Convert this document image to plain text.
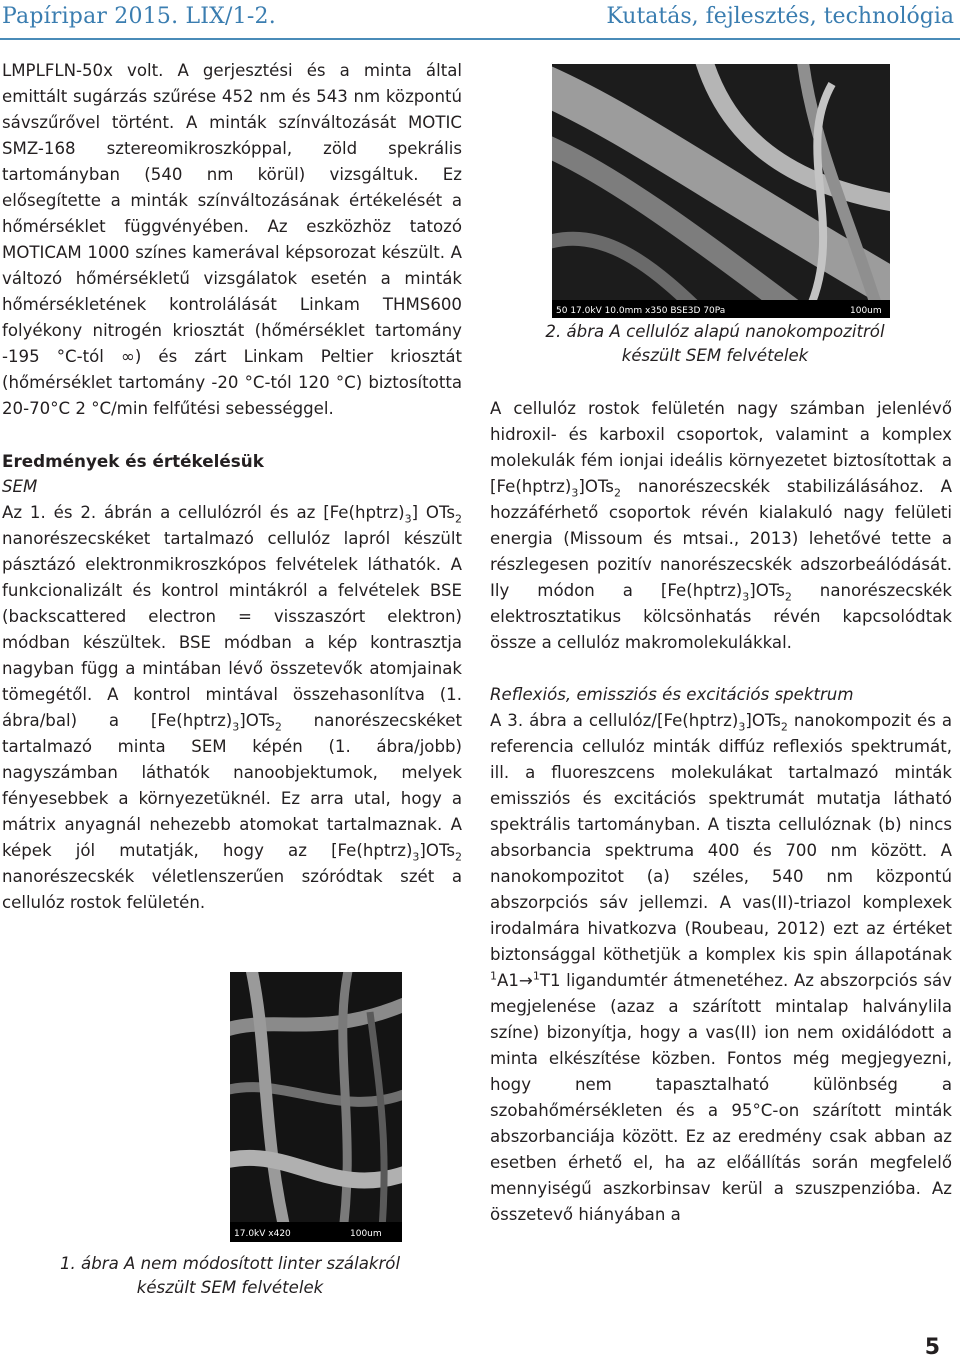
Papíripar 2015. LIX/1-2.	Kutatás, fejlesztés, technológia

LMPLFLN-50x volt. A gerjesztési és a minta által emittált sugárzás szűrése 452 nm és 543 nm központú sávszűrővel történt. A minták színváltozását MOTIC SMZ-168 sztereomikroszkóppal, zöld spekrális tartományban (540 nm körül) vizsgáltuk. Ez elősegítette a minták színváltozásának értékelését a hőmérséklet függvényében. Az eszközhöz tatozó MOTICAM 1000 színes kamerával képsorozat készült. A változó hőmérsékletű vizsgálatok esetén a minták hőmérsékletének kontrolálását Linkam THMS600 folyékony nitrogén kriosztát (hőmérséklet tartomány -195 °C-tól ∞) és zárt Linkam Peltier kriosztát (hőmérséklet tartomány -20 °C-tól 120 °C) biztosította 20-70°C 2 °C/min felfűtési sebességgel.

Eredmények és értékelésük
SEM

Az 1. és 2. ábrán a cellulózról és az $[Fe(hptrz)_3]$ OTs$_2$ nanorészecskéket tartalmazó cellulóz lapról készült pásztázó elektronmikroszkópos felvételek láthatók. A funkcionalizált és kontrol mintákról a felvételek BSE (backscattered electron = visszaszórt elektron) módban készültek. BSE módban a kép kontrasztja nagyban függ a mintában lévő összetevők atomjainak tömegétől. A kontrol mintával összehasonlítva (1. ábra/bal) a $[Fe(hptrz)_3]OTs_2$ nanorészecskéket tartalmazó minta SEM képén (1. ábra/jobb) nagyszámban láthatók nanoobjektumok, melyek fényesebbek a környezetüknél. Ez arra utal, hogy a mátrix anyagnál nehezebb atomokat tartalmaznak. A képek jól mutatják, hogy az $[Fe(hptrz)_3]OTs_2$ nanorészecskék véletlenszerűen szóródtak szét a cellulóz rostok felületén.

17.0kV x420	100um
1. ábra A nem módosított linter szálakról
készült SEM felvételek
50 17.0kV 10.0mm x350 BSE3D 70Pa	100um
2. ábra A cellulóz alapú nanokompozitról
készült SEM felvételek

A cellulóz rostok felületén nagy számban jelenlévő hidroxil- és karboxil csoportok, valamint a komplex molekulák fém ionjai ideális környezetet biztosítottak a $[Fe(hptrz)_3]OTs_2$ nanorészecskék stabilizálásához. A hozzáférhető csoportok révén kialakuló nagy felületi energia (Missoum és mtsai., 2013) lehetővé tette a részlegesen pozitív nanorészecskék adszorbeálódását. Ily módon a $[Fe(hptrz)_3]OTs_2$ nanorészecskék elektrosztatikus kölcsönhatás révén kapcsolódtak össze a cellulóz makromolekulákkal.

Reflexiós, emissziós és excitációs spektrum

A 3. ábra a cellulóz/$[Fe(hptrz)_3]OTs_2$ nanokompozit és a referencia cellulóz minták diffúz reflexiós spektrumát, ill. a fluoreszcens molekulákat tartalmazó minták emissziós és excitációs spektrumát mutatja látható spektrális tartományban. A tiszta cellulóznak (b) nincs absorbancia spektruma 400 és 700 nm között. A nanokompozitot (a) széles, 540 nm központú abszorpciós sáv jellemzi. A vas(II)-triazol komplexek irodalmára hivatkozva (Roubeau, 2012) ezt az értéket biztonsággal köthetjük a komplex kis spin állapotának $^1$A1→$^1$T1 ligandumtér átmenetéhez. Az abszorpciós sáv megjelenése (azaz a szárított mintalap halványlila színe) bizonyítja, hogy a vas(II) ion nem oxidálódott a minta elkészítése közben. Fontos még megjegyezni, hogy nem tapasztalható különbség a szobahőmérsékleten és a 95°C-on szárított minták abszorbanciája között. Ez az eredmény csak abban az esetben érhető el, ha az előállítás során megfelelő mennyiségű aszkorbinsav kerül a szuszpenzióba. Az összetevő hiányában a

5
